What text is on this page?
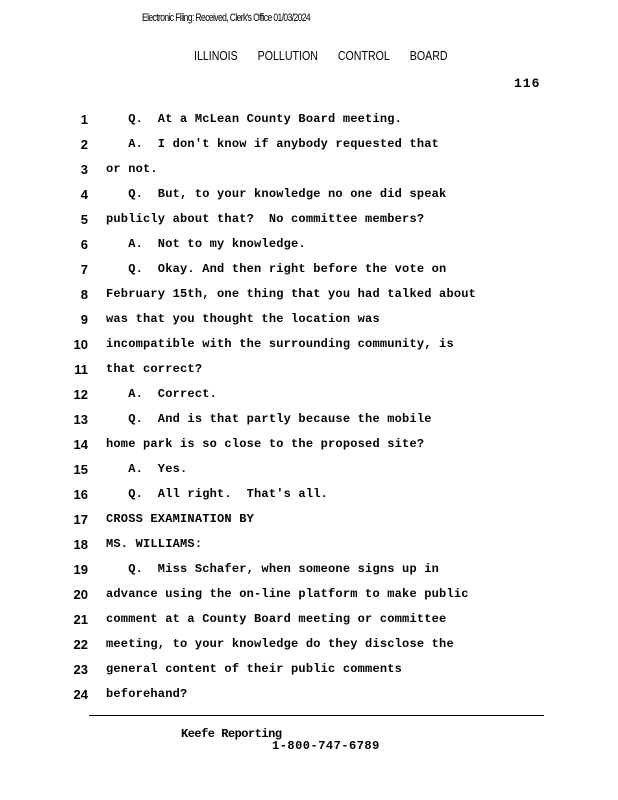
Electronic Filing: Received, Clerk's Office 01/03/2024
ILLINOIS POLLUTION CONTROL BOARD
116
1 Q.  At a McLean County Board meeting.
2 A.  I don't know if anybody requested that
3 or not.
4 Q.  But, to your knowledge no one did speak
5 publicly about that?  No committee members?
6 A.  Not to my knowledge.
7 Q.  Okay. And then right before the vote on
8 February 15th, one thing that you had talked about
9 was that you thought the location was
10 incompatible with the surrounding community, is
11 that correct?
12 A.  Correct.
13 Q.  And is that partly because the mobile
14 home park is so close to the proposed site?
15 A.  Yes.
16 Q.  All right.  That's all.
17 CROSS EXAMINATION BY
18 MS. WILLIAMS:
19 Q.  Miss Schafer, when someone signs up in
20 advance using the on-line platform to make public
21 comment at a County Board meeting or committee
22 meeting, to your knowledge do they disclose the
23 general content of their public comments
24 beforehand?
Keefe Reporting
1-800-747-6789
